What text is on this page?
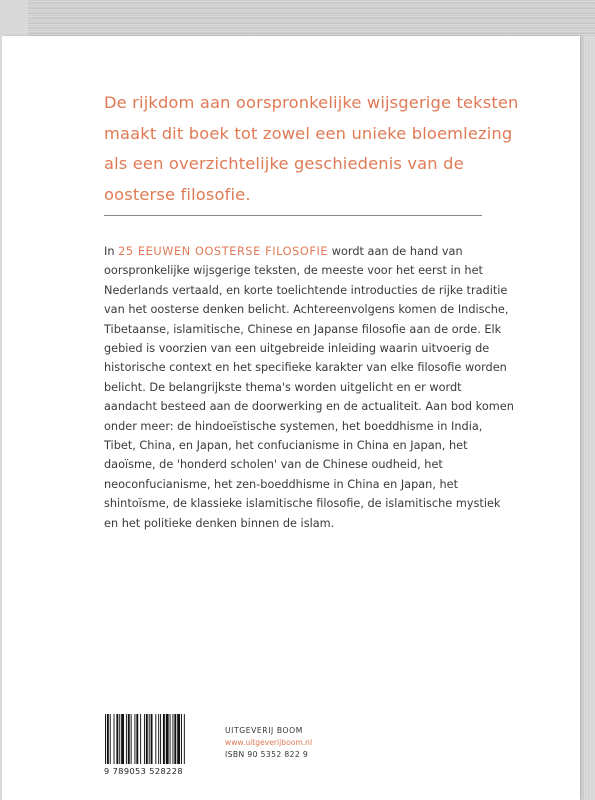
De rijkdom aan oorspronkelijke wijsgerige teksten maakt dit boek tot zowel een unieke bloemlezing als een overzichtelijke geschiedenis van de oosterse filosofie.
In 25 EEUWEN OOSTERSE FILOSOFIE wordt aan de hand van oorspronkelijke wijsgerige teksten, de meeste voor het eerst in het Nederlands vertaald, en korte toelichtende introducties de rijke traditie van het oosterse denken belicht. Achtereenvolgens komen de Indische, Tibetaanse, islamitische, Chinese en Japanse filosofie aan de orde. Elk gebied is voorzien van een uitgebreide inleiding waarin uitvoerig de historische context en het specifieke karakter van elke filosofie worden belicht. De belangrijkste thema's worden uitgelicht en er wordt aandacht besteed aan de doorwerking en de actualiteit. Aan bod komen onder meer: de hindoeïstische systemen, het boeddhisme in India, Tibet, China, en Japan, het confucianisme in China en Japan, het daoïsme, de 'honderd scholen' van de Chinese oudheid, het neoconfucianisme, het zen-boeddhisme in China en Japan, het shintoïsme, de klassieke islamitische filosofie, de islamitische mystiek en het politieke denken binnen de islam.
9 789053 528228
UITGEVERIJ BOOM
www.uitgeverijboom.nl
ISBN 90 5352 822 9
